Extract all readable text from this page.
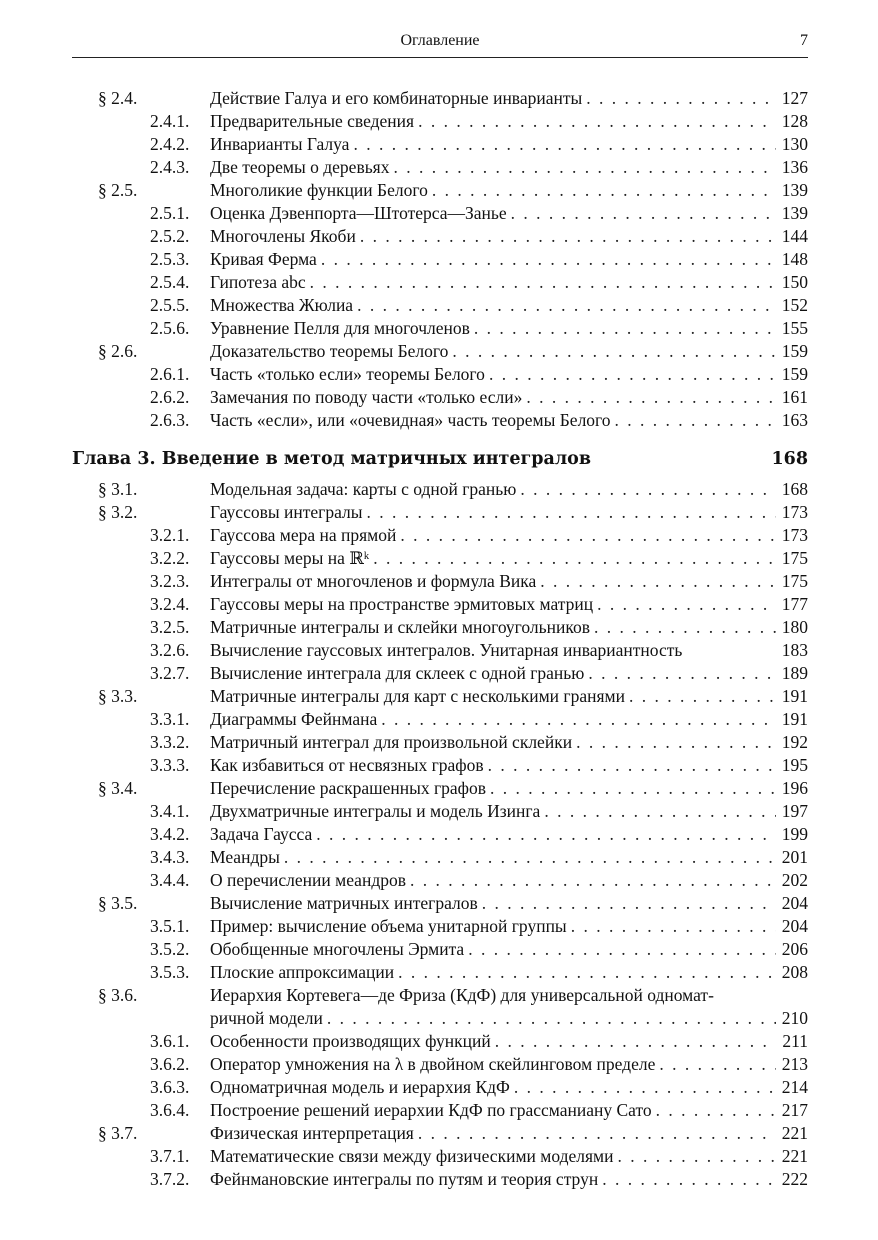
Оглавление	7
§ 2.4.	Действие Галуа и его комбинаторные инварианты . . .	127
2.4.1. Предварительные сведения . . .	128
2.4.2. Инварианты Галуа . . .	130
2.4.3. Две теоремы о деревьях . . .	136
§ 2.5.	Многоликие функции Белого . . .	139
2.5.1. Оценка Дэвенпорта—Штотерса—Занье . . .	139
2.5.2. Многочлены Якоби . . .	144
2.5.3. Кривая Ферма . . .	148
2.5.4. Гипотеза abc . . .	150
2.5.5. Множества Жюлиа . . .	152
2.5.6. Уравнение Пелля для многочленов . . .	155
§ 2.6.	Доказательство теоремы Белого . . .	159
2.6.1. Часть «только если» теоремы Белого . . .	159
2.6.2. Замечания по поводу части «только если» . . .	161
2.6.3. Часть «если», или «очевидная» часть теоремы Белого . . .	163
Глава 3. Введение в метод матричных интегралов	168
§ 3.1.	Модельная задача: карты с одной гранью . . .	168
§ 3.2.	Гауссовы интегралы . . .	173
3.2.1. Гауссова мера на прямой . . .	173
3.2.2. Гауссовы меры на ℝᵏ . . .	175
3.2.3. Интегралы от многочленов и формула Вика . . .	175
3.2.4. Гауссовы меры на пространстве эрмитовых матриц . . .	177
3.2.5. Матричные интегралы и склейки многоугольников . . .	180
3.2.6. Вычисление гауссовых интегралов. Унитарная инвариантность	183
3.2.7. Вычисление интеграла для склеек с одной гранью . . .	189
§ 3.3.	Матричные интегралы для карт с несколькими гранями . . .	191
3.3.1. Диаграммы Фейнмана . . .	191
3.3.2. Матричный интеграл для произвольной склейки . . .	192
3.3.3. Как избавиться от несвязных графов . . .	195
§ 3.4.	Перечисление раскрашенных графов . . .	196
3.4.1. Двухматричные интегралы и модель Изинга . . .	197
3.4.2. Задача Гаусса . . .	199
3.4.3. Меандры . . .	201
3.4.4. О перечислении меандров . . .	202
§ 3.5.	Вычисление матричных интегралов . . .	204
3.5.1. Пример: вычисление объема унитарной группы . . .	204
3.5.2. Обобщенные многочлены Эрмита . . .	206
3.5.3. Плоские аппроксимации . . .	208
§ 3.6.	Иерархия Кортевега—де Фриза (КдФ) для универсальной одномат-
ричной модели . . .	210
3.6.1. Особенности производящих функций . . .	211
3.6.2. Оператор умножения на λ в двойном скейлинговом пределе . . .	213
3.6.3. Одноматричная модель и иерархия КдФ . . .	214
3.6.4. Построение решений иерархии КдФ по грассманиану Сато . . .	217
§ 3.7.	Физическая интерпретация . . .	221
3.7.1. Математические связи между физическими моделями . . .	221
3.7.2. Фейнмановские интегралы по путям и теория струн . . .	222
